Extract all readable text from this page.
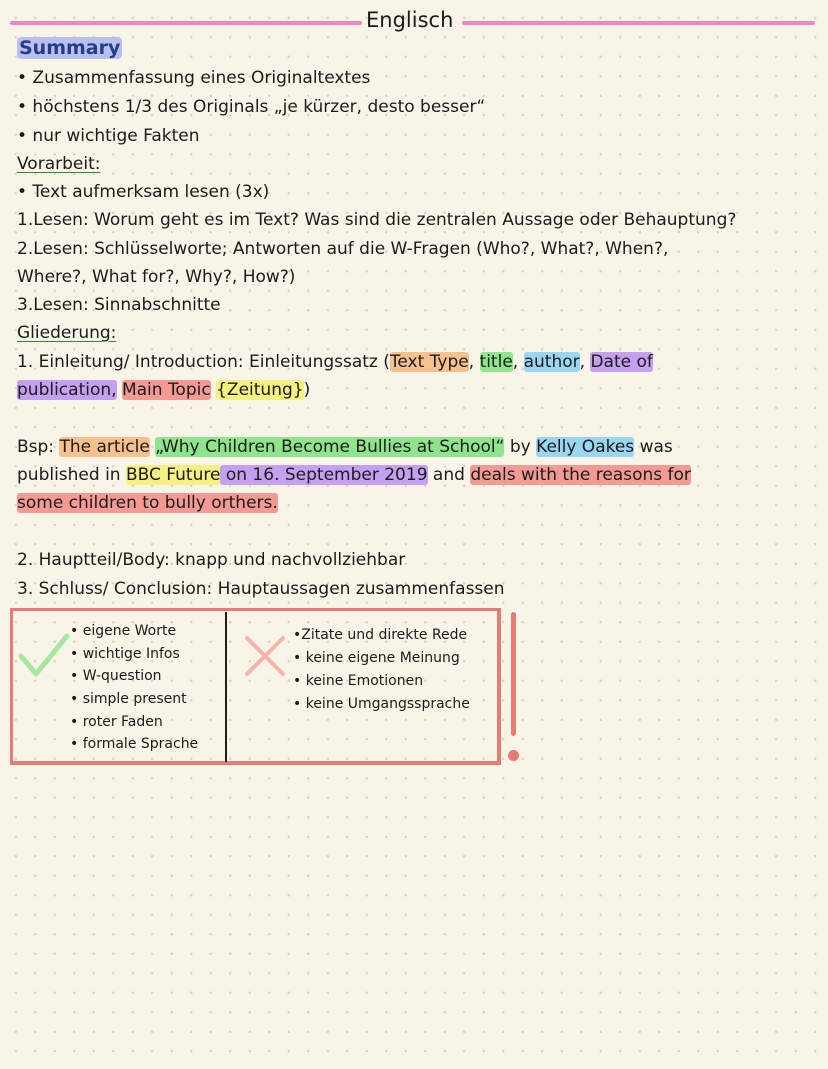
Englisch
Summary
• Zusammenfassung eines Originaltextes
• höchstens 1/3 des Originals „je kürzer, desto besser“
• nur wichtige Fakten
Vorarbeit:
• Text aufmerksam lesen (3x)
1.Lesen: Worum geht es im Text? Was sind die zentralen Aussage oder Behauptung?
2.Lesen: Schlüsselworte; Antworten auf die W-Fragen (Who?, What?, When?,
Where?, What for?, Why?, How?)
3.Lesen: Sinnabschnitte
Gliederung:
1. Einleitung/ Introduction: Einleitungssatz (Text Type, title, author, Date of
publication, Main Topic {Zeitung})
Bsp: The article „Why Children Become Bullies at School“ by Kelly Oakes was
published in BBC Future on 16. September 2019 and deals with the reasons for
some children to bully orthers.
2. Hauptteil/Body: knapp und nachvollziehbar
3. Schluss/ Conclusion: Hauptaussagen zusammenfassen
• eigene Worte
• wichtige Infos
• W-question
• simple present
• roter Faden
• formale Sprache
•Zitate und direkte Rede
• keine eigene Meinung
• keine Emotionen
• keine Umgangssprache
